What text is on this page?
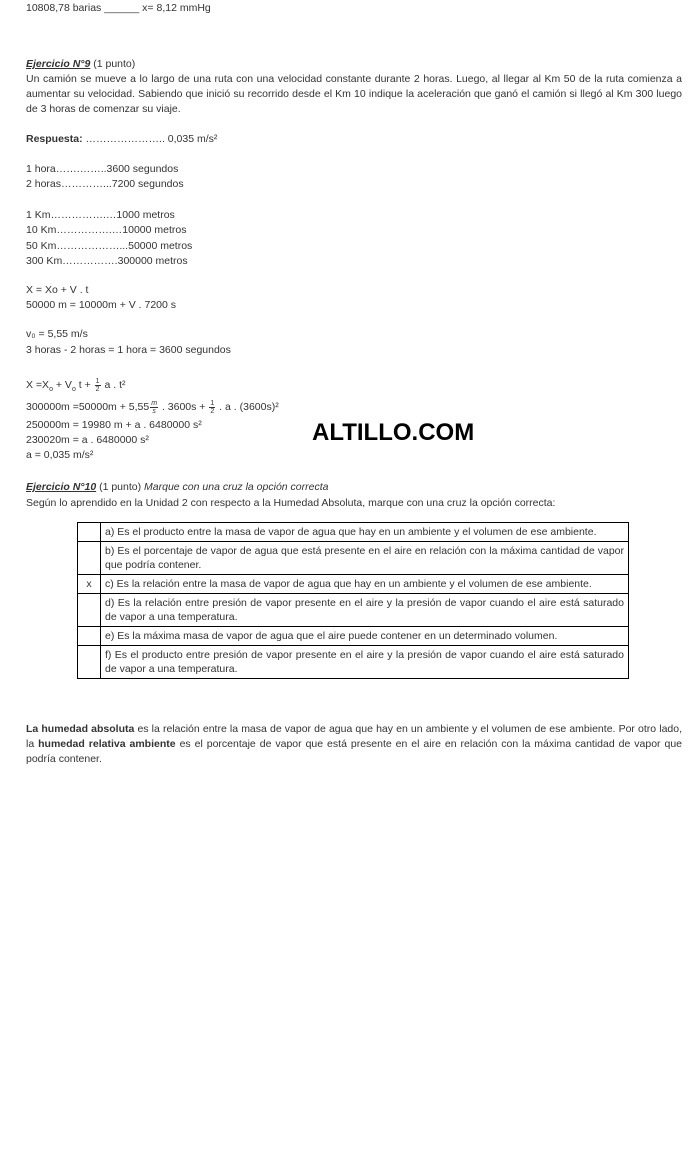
10808,78 barias ______ x= 8,12 mmHg
Ejercicio N°9 (1 punto)
Un camión se mueve a lo largo de una ruta con una velocidad constante durante 2 horas. Luego, al llegar al Km 50 de la ruta comienza a aumentar su velocidad. Sabiendo que inició su recorrido desde el Km 10 indique la aceleración que ganó el camión si llegó al Km 300 luego de 3 horas de comenzar su viaje.
Respuesta: ………………….. 0,035 m/s²
1 hora…….……..3600 segundos
2 horas…………...7200 segundos
1 Km…………….…1000 metros
10 Km…………….…10000 metros
50 Km………………...50000 metros
300 Km…………….300000 metros
X = Xo + V . t
50000 m = 10000m + V . 7200 s
v₀ = 5,55 m/s
3 horas - 2 horas = 1 hora = 3600 segundos
$X =X_o + V_o$ $t + \frac{1}{2}$ a . t²
$300000m =50000m + 5,55 \frac{m}{s}$ . $3600s + \frac{1}{2}$ . a . (3600s)²
250000m = 19980 m + a . 6480000 s²
230020m = a . 6480000 s²
a = 0,035 m/s²
ALTILLO.COM
Ejercicio N°10 (1 punto) Marque con una cruz la opción correcta
Según lo aprendido en la Unidad 2 con respecto a la Humedad Absoluta, marque con una cruz la opción correcta:
	a) Es el producto entre la masa de vapor de agua que hay en un ambiente y el volumen de ese ambiente.
	b) Es el porcentaje de vapor de agua que está presente en el aire en relación con la máxima cantidad de vapor que podría contener.
x	c) Es la relación entre la masa de vapor de agua que hay en un ambiente y el volumen de ese ambiente.
	d) Es la relación entre presión de vapor presente en el aire y la presión de vapor cuando el aire está saturado de vapor a una temperatura.
	e) Es la máxima masa de vapor de agua que el aire puede contener en un determinado volumen.
	f) Es el producto entre presión de vapor presente en el aire y la presión de vapor cuando el aire está saturado de vapor a una temperatura.
La humedad absoluta es la relación entre la masa de vapor de agua que hay en un ambiente y el volumen de ese ambiente. Por otro lado, la humedad relativa ambiente es el porcentaje de vapor que está presente en el aire en relación con la máxima cantidad de vapor que podría contener.
